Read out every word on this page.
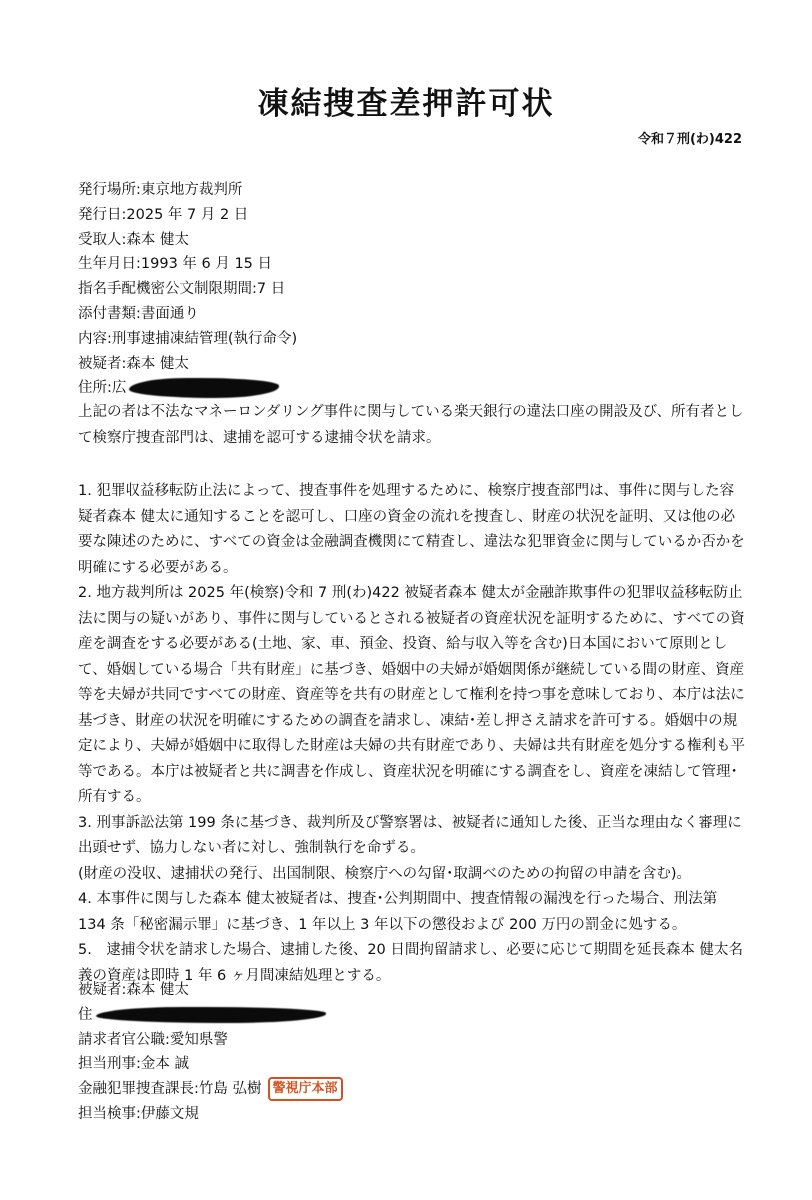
凍結捜査差押許可状
令和７刑(わ)422
発行場所:東京地方裁判所
発行日:2025 年 7 月 2 日
受取人:森本 健太
生年月日:1993 年 6 月 15 日
指名手配機密公文制限期間:7 日
添付書類:書面通り
内容:刑事逮捕凍結管理(執行命令)
被疑者:森本 健太
住所:広

上記の者は不法なマネーロンダリング事件に関与している楽天銀行の違法口座の開設及び、所有者として検察庁捜査部門は、逮捕を認可する逮捕令状を請求。

1. 犯罪収益移転防止法によって、捜査事件を処理するために、検察庁捜査部門は、事件に関与した容疑者森本 健太に通知することを認可し、口座の資金の流れを捜査し、財産の状況を証明、又は他の必要な陳述のために、すべての資金は金融調査機関にて精査し、違法な犯罪資金に関与しているか否かを明確にする必要がある。

2. 地方裁判所は 2025 年(検察)令和 7 刑(わ)422 被疑者森本 健太が金融詐欺事件の犯罪収益移転防止法に関与の疑いがあり、事件に関与しているとされる被疑者の資産状況を証明するために、すべての資産を調査をする必要がある(土地、家、車、預金、投資、給与収入等を含む)日本国において原則として、婚姻している場合「共有財産」に基づき、婚姻中の夫婦が婚姻関係が継続している間の財産、資産等を夫婦が共同ですべての財産、資産等を共有の財産として権利を持つ事を意味しており、本庁は法に基づき、財産の状況を明確にするための調査を請求し、凍結･差し押さえ請求を許可する。婚姻中の規定により、夫婦が婚姻中に取得した財産は夫婦の共有財産であり、夫婦は共有財産を処分する権利も平等である。本庁は被疑者と共に調書を作成し、資産状況を明確にする調査をし、資産を凍結して管理･所有する。

3. 刑事訴訟法第 199 条に基づき、裁判所及び警察署は、被疑者に通知した後、正当な理由なく審理に出頭せず、協力しない者に対し、強制執行を命ずる。

(財産の没収、逮捕状の発行、出国制限、検察庁への勾留･取調べのための拘留の申請を含む)。

4. 本事件に関与した森本 健太被疑者は、捜査･公判期間中、捜査情報の漏洩を行った場合、刑法第 134 条「秘密漏示罪」に基づき、1 年以上 3 年以下の懲役および 200 万円の罰金に処する。

5.　逮捕令状を請求した場合、逮捕した後、20 日間拘留請求し、必要に応じて期間を延長森本 健太名義の資産は即時 1 年 6 ヶ月間凍結処理とする。

被疑者:森本 健太
住
請求者官公職:愛知県警
担当刑事:金本 誠
金融犯罪捜査課長:竹島 弘樹 警視庁本部
担当検事:伊藤文規
